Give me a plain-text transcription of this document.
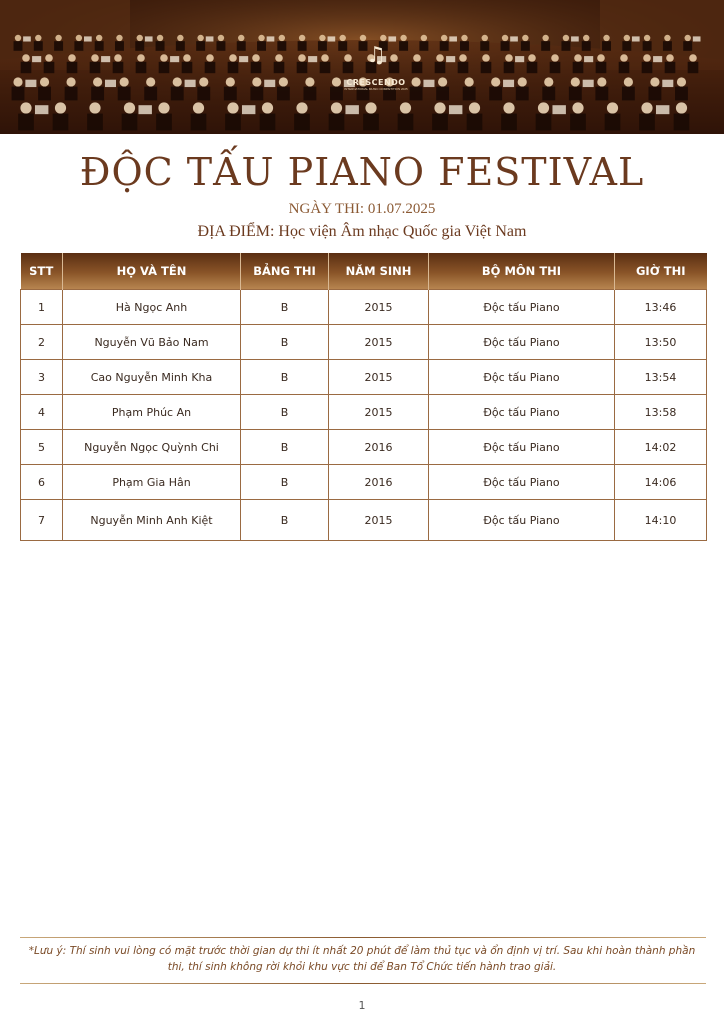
♫
CRESCENDO
INTERNATIONAL MUSIC COMPETITION 2025
ĐỘC TẤU PIANO FESTIVAL
NGÀY THI: 01.07.2025
ĐỊA ĐIỂM: Học viện Âm nhạc Quốc gia Việt Nam
STT	HỌ VÀ TÊN	BẢNG THI	NĂM SINH	BỘ MÔN THI	GIỜ THI
1	Hà Ngọc Anh	B	2015	Độc tấu Piano	13:46
2	Nguyễn Vũ Bảo Nam	B	2015	Độc tấu Piano	13:50
3	Cao Nguyễn Minh Kha	B	2015	Độc tấu Piano	13:54
4	Phạm Phúc An	B	2015	Độc tấu Piano	13:58
5	Nguyễn Ngọc Quỳnh Chi	B	2016	Độc tấu Piano	14:02
6	Phạm Gia Hân	B	2016	Độc tấu Piano	14:06
7	Nguyễn Minh Anh Kiệt	B	2015	Độc tấu Piano	14:10
*Lưu ý: Thí sinh vui lòng có mặt trước thời gian dự thi ít nhất 20 phút để làm thủ tục và ổn định vị trí. Sau khi hoàn thành phần thi, thí sinh không rời khỏi khu vực thi để Ban Tổ Chức tiến hành trao giải.
1
